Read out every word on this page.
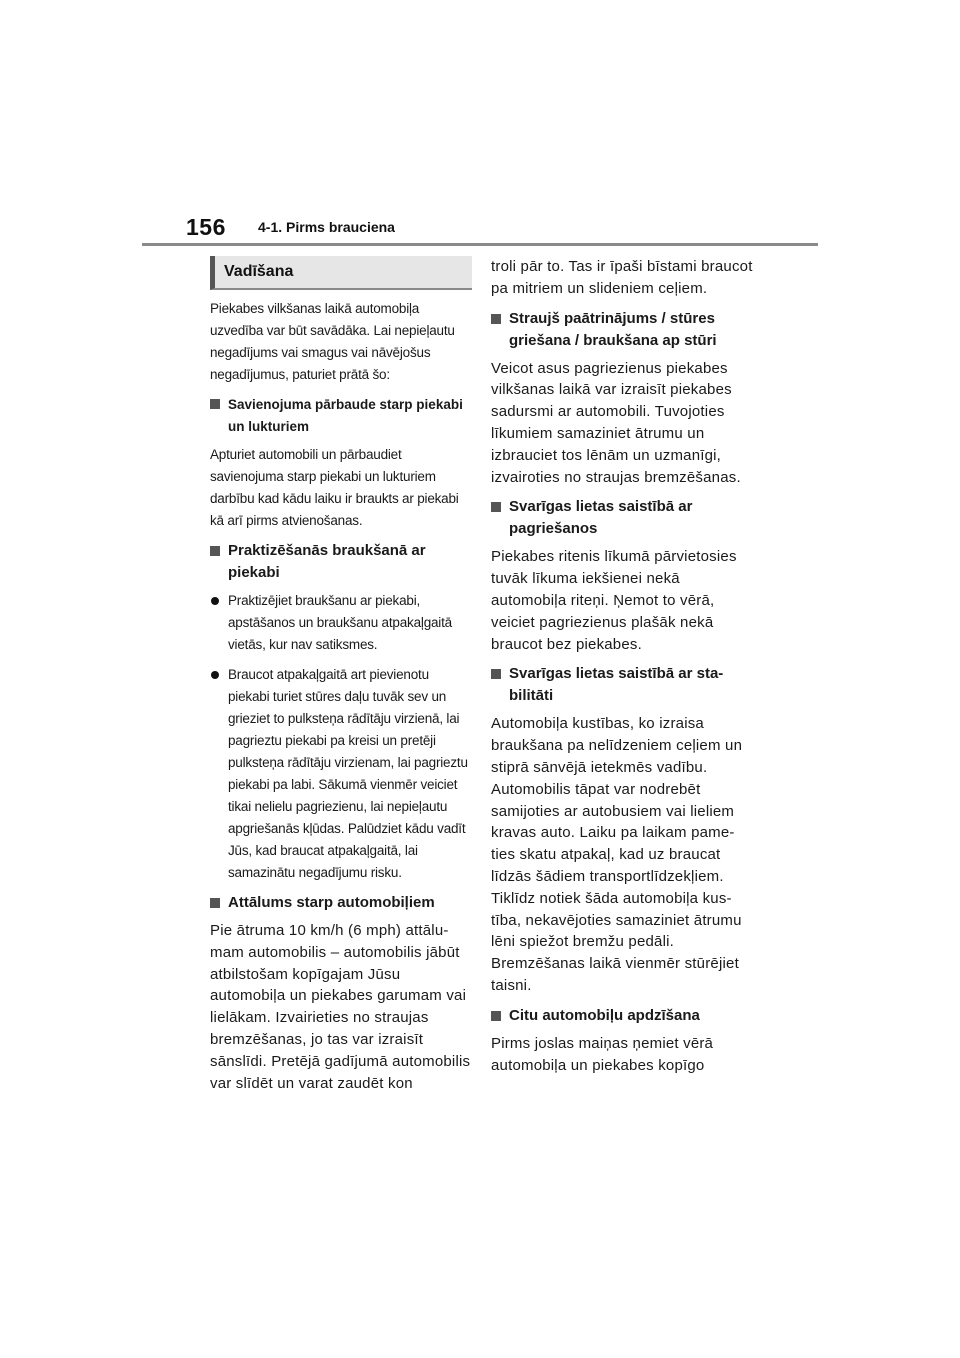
156 4-1. Pirms brauciena
Vadīšana

Piekabes vilkšanas laikā automobiļa uzvedība var būt savādāka. Lai nepieļautu negadījums vai smagus vai nāvējošus negadījumus, paturiet prātā šo:

Savienojuma pārbaude starp piekabi un lukturiem

Apturiet automobili un pārbaudiet savienojuma starp piekabi un lukturiem darbību kad kādu laiku ir braukts ar piekabi kā arī pirms atvienošanas.

Praktizēšanās braukšanā ar piekabi
Praktizējiet braukšanu ar piekabi, apstāšanos un braukšanu atpakaļgaitā vietās, kur nav satiksmes.
Braucot atpakaļgaitā art pievienotu piekabi turiet stūres daļu tuvāk sev un grieziet to pulksteņa rādītāju virzienā, lai pagrieztu piekabi pa kreisi un pretēji pulksteņa rādītāju virzienam, lai pagrieztu piekabi pa labi. Sākumā vienmēr veiciet tikai nelielu pagriezienu, lai nepieļautu apgriešanās kļūdas. Palūdziet kādu vadīt Jūs, kad braucat atpakaļgaitā, lai samazinātu negadījumu risku.
Attālums starp automobiļiem

Pie ātruma 10 km/h (6 mph) attālumam automobilis – automobilis jābūt atbilstošam kopīgajam Jūsu automobiļa un piekabes garumam vai lielākam. Izvairieties no straujas bremzēšanas, jo tas var izraisīt sānslīdi. Pretējā gadījumā automobilis var slīdēt un varat zaudēt kon

troli pār to. Tas ir īpaši bīstami braucot pa mitriem un slideniem ceļiem.

Straujš paātrinājums / stūres griešana / braukšana ap stūri

Veicot asus pagriezienus piekabes vilkšanas laikā var izraisīt piekabes sadursmi ar automobili. Tuvojoties līkumiem samaziniet ātrumu un izbrauciet tos lēnām un uzmanīgi, izvairoties no straujas bremzēšanas.

Svarīgas lietas saistībā ar pagriešanos

Piekabes ritenis līkumā pārvietosies tuvāk līkuma iekšienei nekā automobiļa riteņi. Ņemot to vērā, veiciet pagriezienus plašāk nekā braucot bez piekabes.

Svarīgas lietas saistībā ar stabilitāti

Automobiļa kustības, ko izraisa braukšana pa nelīdzeniem ceļiem un stiprā sānvējā ietekmēs vadību. Automobilis tāpat var nodrebēt samijoties ar autobusiem vai lieliem kravas auto. Laiku pa laikam pameties skatu atpakaļ, kad uz braucat līdzās šādiem transportlīdzekļiem. Tiklīdz notiek šāda automobiļa kustība, nekavējoties samaziniet ātrumu lēni spiežot bremžu pedāli. Bremzēšanas laikā vienmēr stūrējiet taisni.

Citu automobiļu apdzīšana

Pirms joslas maiņas ņemiet vērā automobiļa un piekabes kopīgo
